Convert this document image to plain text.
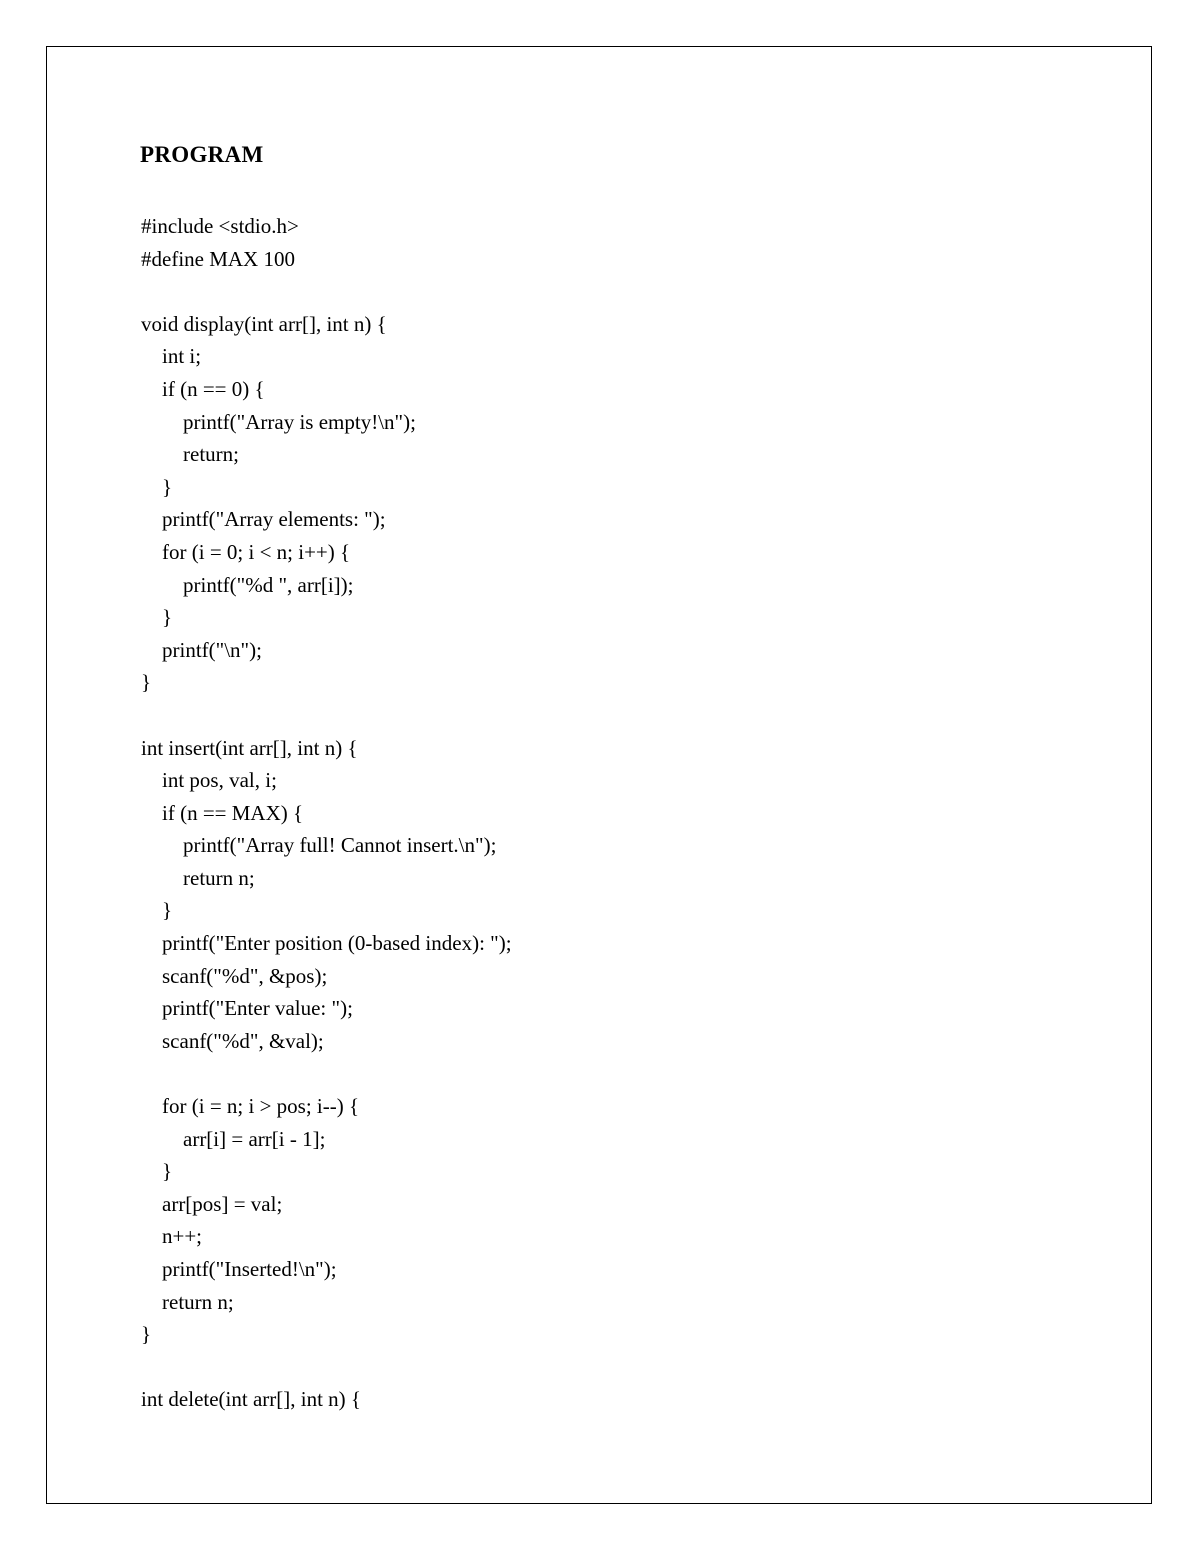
PROGRAM
#include <stdio.h>
#define MAX 100
void display(int arr[], int n) {
int i;
if (n == 0) {
printf("Array is empty!\n");
return;
}
printf("Array elements: ");
for (i = 0; i < n; i++) {
printf("%d ", arr[i]);
}
printf("\n");
}
int insert(int arr[], int n) {
int pos, val, i;
if (n == MAX) {
printf("Array full! Cannot insert.\n");
return n;
}
printf("Enter position (0-based index): ");
scanf("%d", &pos);
printf("Enter value: ");
scanf("%d", &val);
for (i = n; i > pos; i--) {
arr[i] = arr[i - 1];
}
arr[pos] = val;
n++;
printf("Inserted!\n");
return n;
}
int delete(int arr[], int n) {
